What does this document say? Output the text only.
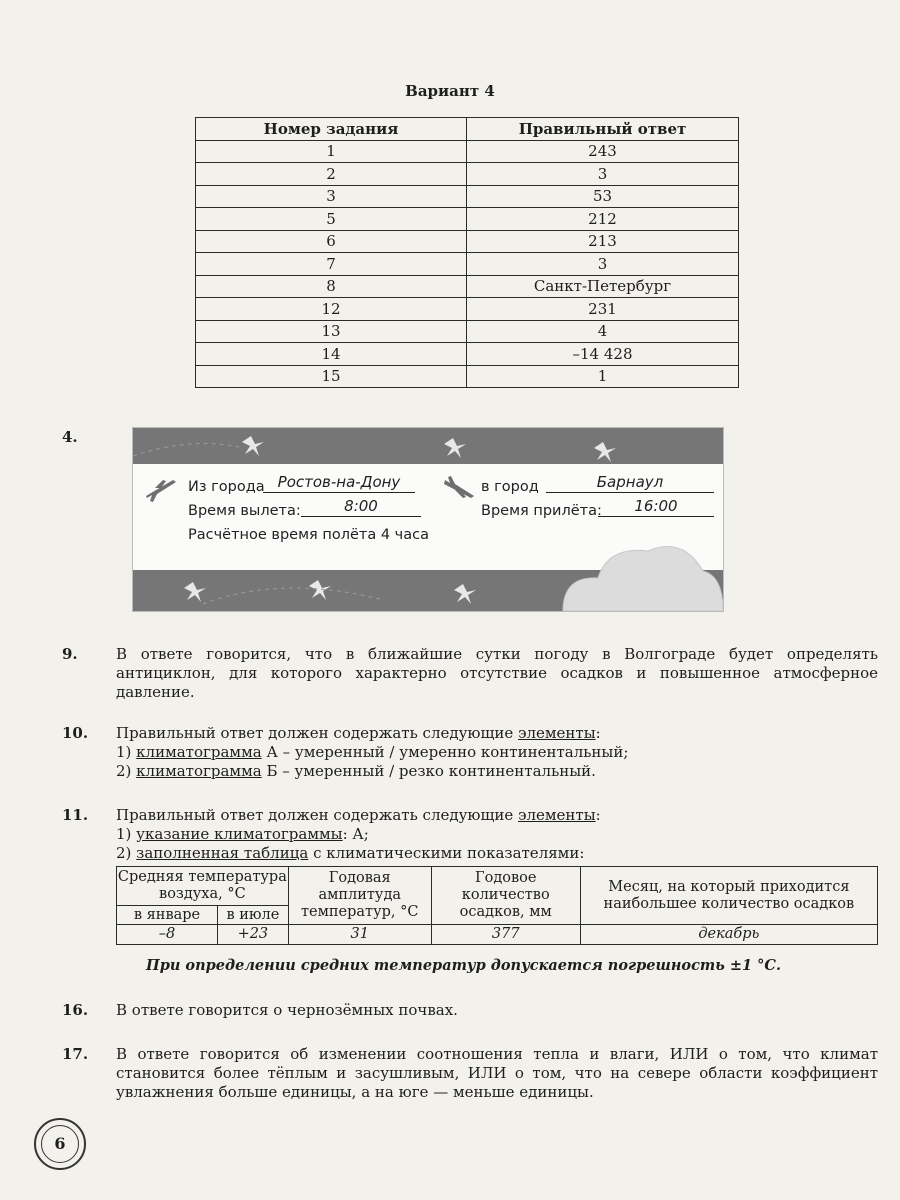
Вариант 4
Номер задания	Правильный ответ
1	243
2	3
3	53
5	212
6	213
7	3
8	Санкт-Петербург
12	231
13	4
14	–14 428
15	1
4.
Из города Ростов-на-Дону	в город	Барнаул
Время вылета:	8:00	Время прилёта:	16:00
Расчётное время полёта 4 часа
9.	В ответе говорится, что в ближайшие сутки погоду в Волгограде будет определять антициклон, для которого характерно отсутствие осадков и повышенное атмосферное давление.
10. Правильный ответ должен содержать следующие элементы:
1) климатограмма А – умеренный / умеренно континентальный;
2) климатограмма Б – умеренный / резко континентальный.
11. Правильный ответ должен содержать следующие элементы:
1) указание климатограммы: А;
2) заполненная таблица с климатическими показателями:
Средняя температура воздуха, °С		Годовая амплитуда температур, °С	Годовое количество осадков, мм	Месяц, на который приходится наибольшее количество осадков
в январе	в июле			
–8	+23	31	377	декабрь
При определении средних температур допускается погрешность ±1 °С.
16. В ответе говорится о чернозёмных почвах.
17. В ответе говорится об изменении соотношения тепла и влаги, ИЛИ о том, что климат становится более тёплым и засушливым, ИЛИ о том, что на севере области коэффициент увлажнения больше единицы, а на юге — меньше единицы.
6
